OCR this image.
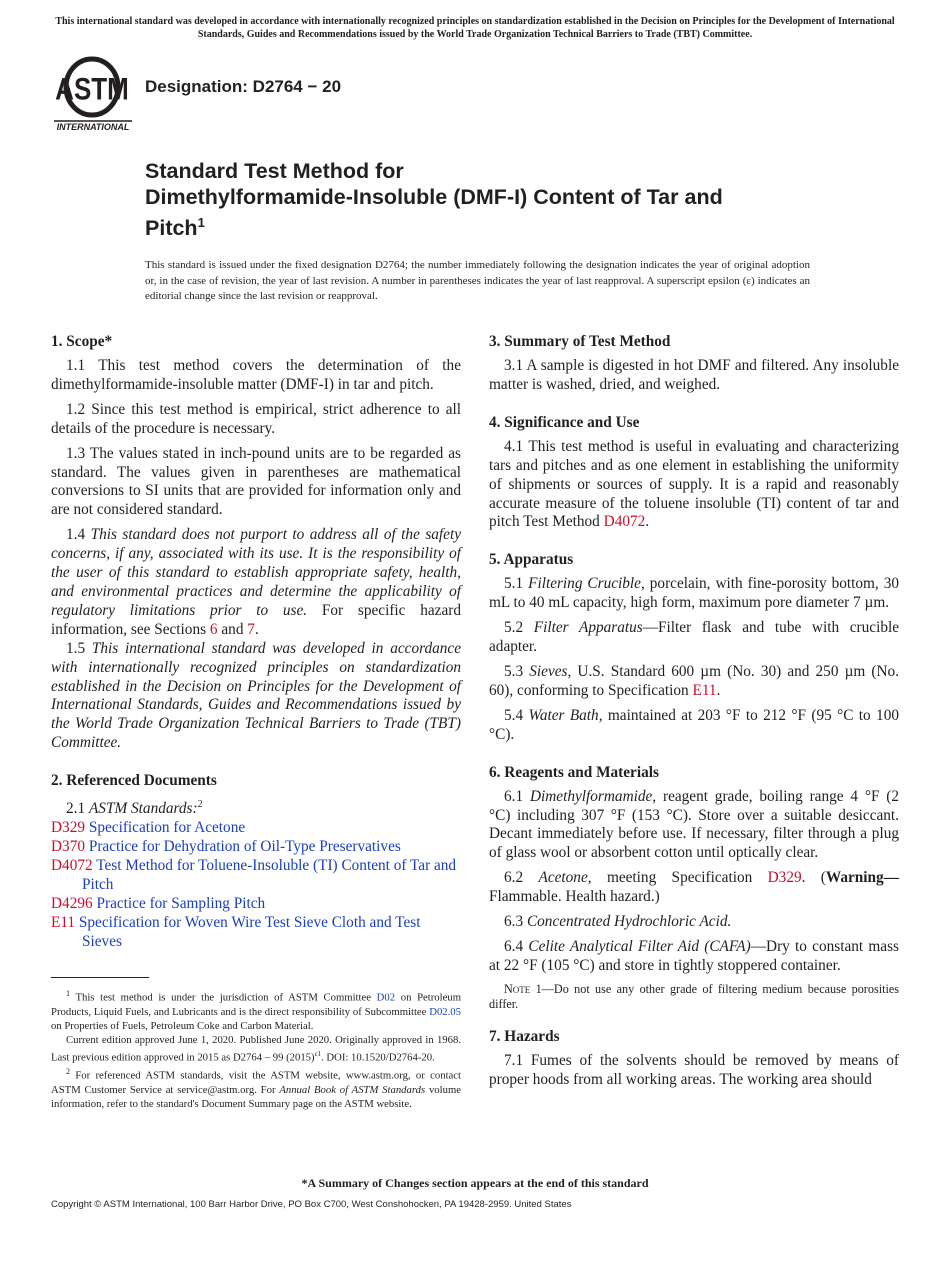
This international standard was developed in accordance with internationally recognized principles on standardization established in the Decision on Principles for the Development of International Standards, Guides and Recommendations issued by the World Trade Organization Technical Barriers to Trade (TBT) Committee.
ASTM
INTERNATIONAL
Designation: D2764 − 20
Standard Test Method for
Dimethylformamide-Insoluble (DMF-I) Content of Tar and
Pitch$^1$
This standard is issued under the fixed designation D2764; the number immediately following the designation indicates the year of original adoption or, in the case of revision, the year of last revision. A number in parentheses indicates the year of last reapproval. A superscript epsilon (ε) indicates an editorial change since the last revision or reapproval.
1. Scope*

1.1 This test method covers the determination of the dimethylformamide-insoluble matter (DMF-I) in tar and pitch.

1.2 Since this test method is empirical, strict adherence to all details of the procedure is necessary.

1.3 The values stated in inch-pound units are to be regarded as standard. The values given in parentheses are mathematical conversions to SI units that are provided for information only and are not considered standard.

1.4 This standard does not purport to address all of the safety concerns, if any, associated with its use. It is the responsibility of the user of this standard to establish appropriate safety, health, and environmental practices and determine the applicability of regulatory limitations prior to use. For specific hazard information, see Sections 6 and 7.

1.5 This international standard was developed in accordance with internationally recognized principles on standardization established in the Decision on Principles for the Development of International Standards, Guides and Recommendations issued by the World Trade Organization Technical Barriers to Trade (TBT) Committee.

2. Referenced Documents

2.1 ASTM Standards:$^2$

D329 Specification for Acetone
D370 Practice for Dehydration of Oil-Type Preservatives
D4072 Test Method for Toluene-Insoluble (TI) Content of Tar and Pitch
D4296 Practice for Sampling Pitch
E11 Specification for Woven Wire Test Sieve Cloth and Test Sieves

$^1$ This test method is under the jurisdiction of ASTM Committee D02 on Petroleum Products, Liquid Fuels, and Lubricants and is the direct responsibility of Subcommittee D02.05 on Properties of Fuels, Petroleum Coke and Carbon Material.

Current edition approved June 1, 2020. Published June 2020. Originally approved in 1968. Last previous edition approved in 2015 as D2764 – 99 $(2015)^{\varepsilon 1}$. DOI: 10.1520/D2764-20.

$^2$ For referenced ASTM standards, visit the ASTM website, www.astm.org, or contact ASTM Customer Service at service@astm.org. For Annual Book of ASTM Standards volume information, refer to the standard's Document Summary page on the ASTM website.

3. Summary of Test Method

3.1 A sample is digested in hot DMF and filtered. Any insoluble matter is washed, dried, and weighed.

4. Significance and Use

4.1 This test method is useful in evaluating and characterizing tars and pitches and as one element in establishing the uniformity of shipments or sources of supply. It is a rapid and reasonably accurate measure of the toluene insoluble (TI) content of tar and pitch Test Method D4072.

5. Apparatus

5.1 Filtering Crucible, porcelain, with fine-porosity bottom, 30 mL to 40 mL capacity, high form, maximum pore diameter 7 µm.

5.2 Filter Apparatus—Filter flask and tube with crucible adapter.

5.3 Sieves, U.S. Standard 600 µm (No. 30) and 250 µm (No. 60), conforming to Specification E11.

5.4 Water Bath, maintained at 203 °F to 212 °F (95 °C to 100 °C).

6. Reagents and Materials

6.1 Dimethylformamide, reagent grade, boiling range 4 °F (2 °C) including 307 °F (153 °C). Store over a suitable desiccant. Decant immediately before use. If necessary, filter through a plug of glass wool or absorbent cotton until optically clear.

6.2 Acetone, meeting Specification D329. (Warning— Flammable. Health hazard.)

6.3 Concentrated Hydrochloric Acid.

6.4 Celite Analytical Filter Aid (CAFA)—Dry to constant mass at 22 °F (105 °C) and store in tightly stoppered container.

Note 1—Do not use any other grade of filtering medium because porosities differ.
7. Hazards

7.1 Fumes of the solvents should be removed by means of proper hoods from all working areas. The working area should

*A Summary of Changes section appears at the end of this standard
Copyright © ASTM International, 100 Barr Harbor Drive, PO Box C700, West Conshohocken, PA 19428-2959. United States
